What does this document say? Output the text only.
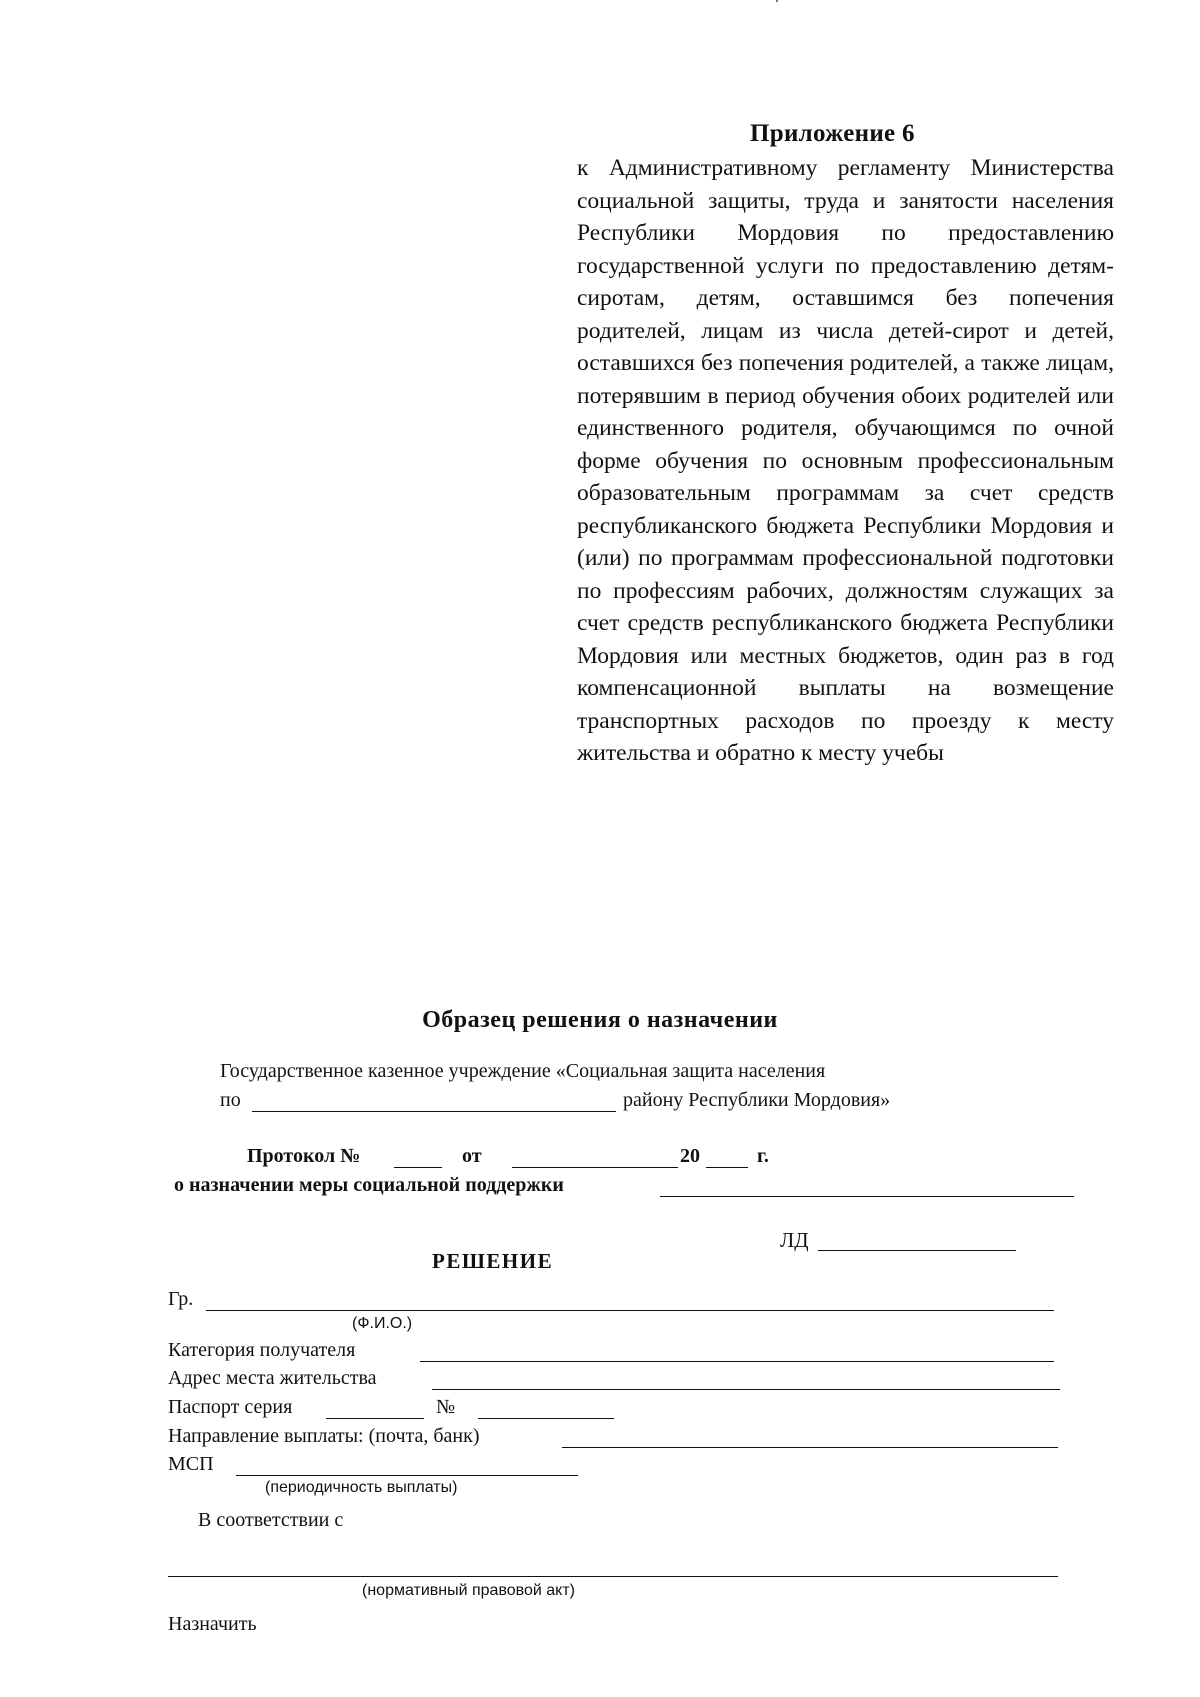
Приложение 6

к Административному регламенту Министерства социальной защиты, труда и занятости населения Республики Мордовия по предоставлению государственной услуги по предоставлению детям-сиротам, детям, оставшимся без попечения родителей, лицам из числа детей-сирот и детей, оставшихся без попечения родителей, а также лицам, потерявшим в период обучения обоих родителей или единственного родителя, обучающимся по очной форме обучения по основным профессиональным образовательным программам за счет средств республиканского бюджета Республики Мордовия и (или) по программам профессиональной подготовки по профессиям рабочих, должностям служащих за счет средств республиканского бюджета Республики Мордовия или местных бюджетов, один раз в год компенсационной выплаты на возмещение транспортных расходов по проезду к месту жительства и обратно к месту учебы

Образец решения о назначении
Государственное казенное учреждение «Социальная защита населения
по	району Республики Мордовия»
Протокол №	от	20	г.
о назначении меры социальной поддержки
ЛД
РЕШЕНИЕ
Гр.
(Ф.И.О.)
Категория получателя
Адрес места жительства
Паспорт серия	№
Направление выплаты: (почта, банк)
МСП
(периодичность выплаты)
В соответствии с
(нормативный правовой акт)
Назначить
